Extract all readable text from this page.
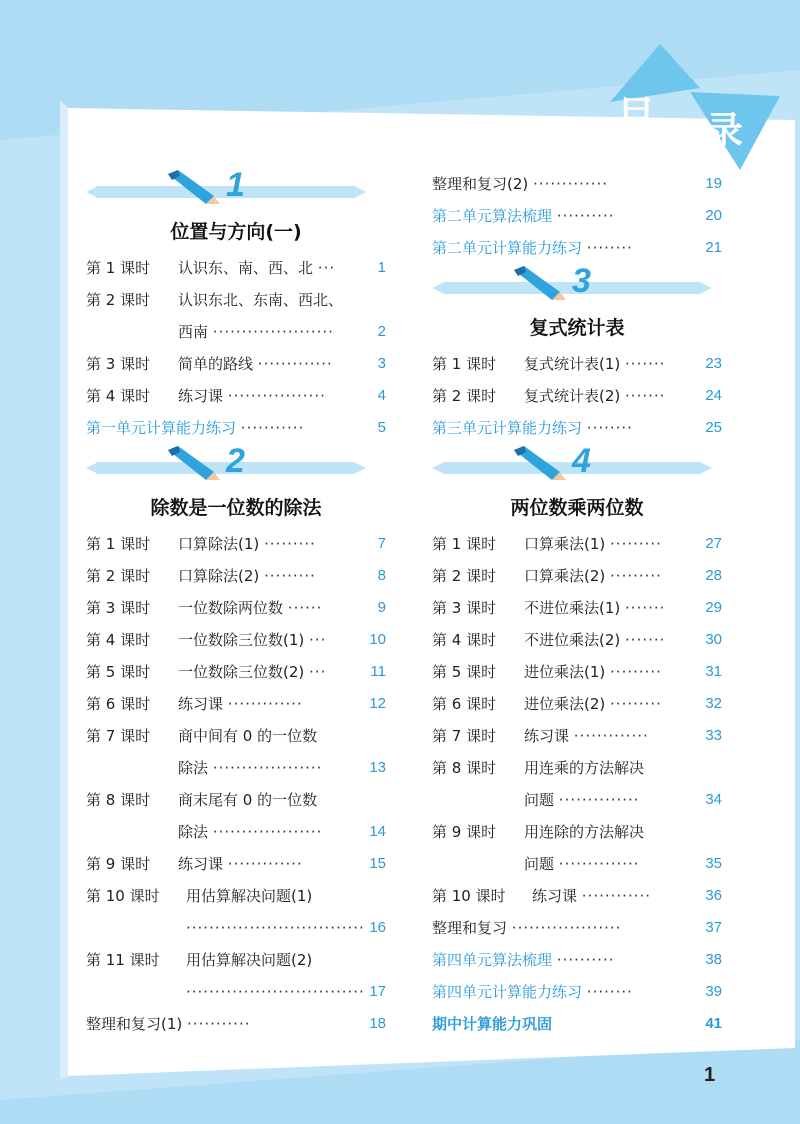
目 录
1
位置与方向(一)
第 1 课时 认识东、南、西、北 ···	1
第 2 课时 认识东北、东南、西北、
西南 ·····················	2
第 3 课时 简单的路线 ·············	3
第 4 课时 练习课 ·················	4
第一单元计算能力练习 ···········	5
2
除数是一位数的除法
第 1 课时 口算除法(1) ·········	7
第 2 课时 口算除法(2) ·········	8
第 3 课时 一位数除两位数 ······	9
第 4 课时 一位数除三位数(1) ···	10
第 5 课时 一位数除三位数(2) ···	11
第 6 课时 练习课 ·············	12
第 7 课时 商中间有 0 的一位数
除法 ···················	13
第 8 课时 商末尾有 0 的一位数
除法 ···················	14
第 9 课时 练习课 ·············	15
第 10 课时 用估算解决问题(1)
······························· 16
第 11 课时 用估算解决问题(2)
······························· 17
整理和复习(1) ···········	18
整理和复习(2) ·············	19
第二单元算法梳理 ··········	20
第二单元计算能力练习 ········	21
3
复式统计表
第 1 课时 复式统计表(1) ·······	23
第 2 课时 复式统计表(2) ·······	24
第三单元计算能力练习 ········	25
4
两位数乘两位数
第 1 课时 口算乘法(1) ·········	27
第 2 课时 口算乘法(2) ·········	28
第 3 课时 不进位乘法(1) ·······	29
第 4 课时 不进位乘法(2) ·······	30
第 5 课时 进位乘法(1) ·········	31
第 6 课时 进位乘法(2) ·········	32
第 7 课时 练习课 ·············	33
第 8 课时 用连乘的方法解决
问题 ··············	34
第 9 课时 用连除的方法解决
问题 ··············	35
第 10 课时 练习课 ············	36
整理和复习 ···················	37
第四单元算法梳理 ··········	38
第四单元计算能力练习 ········	39
期中计算能力巩固	41
1
